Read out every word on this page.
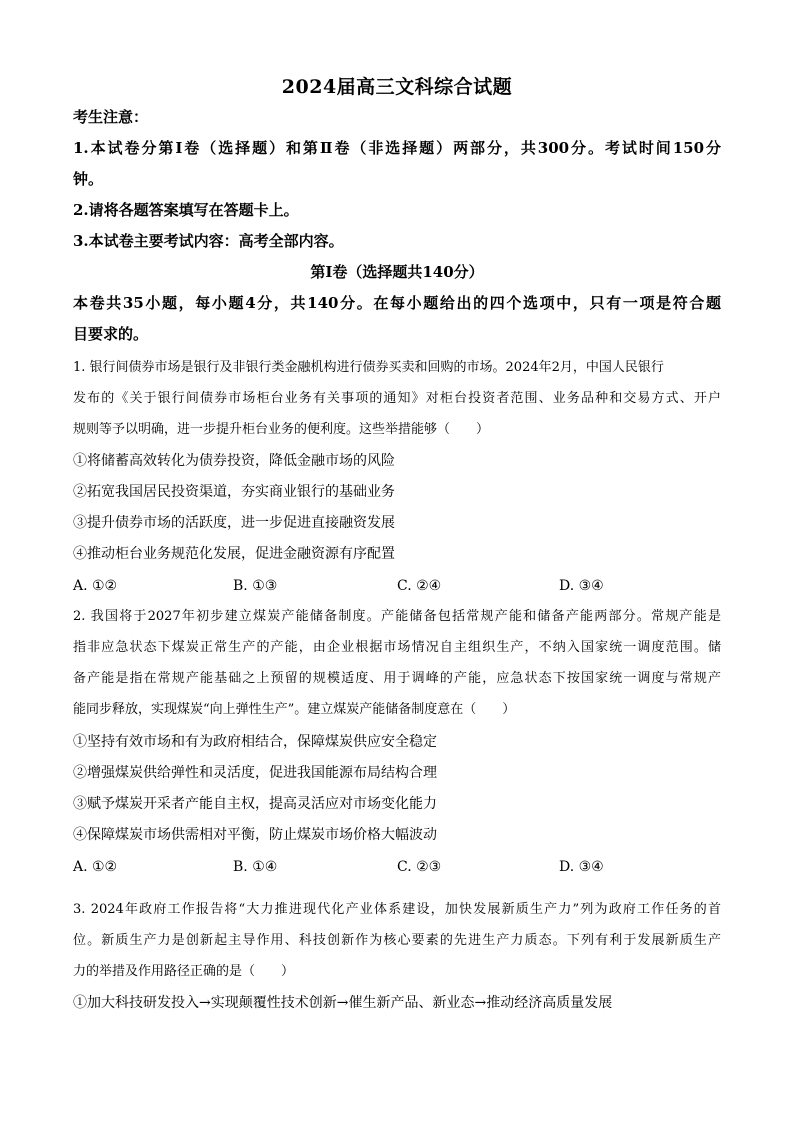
2024届高三文科综合试题
考生注意：
1.本试卷分第Ⅰ卷（选择题）和第Ⅱ卷（非选择题）两部分，共300分。考试时间150分
钟。
2.请将各题答案填写在答题卡上。
3.本试卷主要考试内容：高考全部内容。
第Ⅰ卷（选择题共140分）
本卷共35小题，每小题4分，共140分。在每小题给出的四个选项中，只有一项是符合题
目要求的。
1. 银行间债券市场是银行及非银行类金融机构进行债券买卖和回购的市场。2024年2月，中国人民银行
发布的《关于银行间债券市场柜台业务有关事项的通知》对柜台投资者范围、业务品种和交易方式、开户
规则等予以明确，进一步提升柜台业务的便利度。这些举措能够（　　）
①将储蓄高效转化为债券投资，降低金融市场的风险
②拓宽我国居民投资渠道，夯实商业银行的基础业务
③提升债券市场的活跃度，进一步促进直接融资发展
④推动柜台业务规范化发展，促进金融资源有序配置
A. ①②	B. ①③	C. ②④	D. ③④
2. 我国将于2027年初步建立煤炭产能储备制度。产能储备包括常规产能和储备产能两部分。常规产能是
指非应急状态下煤炭正常生产的产能，由企业根据市场情况自主组织生产，不纳入国家统一调度范围。储
备产能是指在常规产能基础之上预留的规模适度、用于调峰的产能，应急状态下按国家统一调度与常规产
能同步释放，实现煤炭“向上弹性生产”。建立煤炭产能储备制度意在（　　）
①坚持有效市场和有为政府相结合，保障煤炭供应安全稳定
②增强煤炭供给弹性和灵活度，促进我国能源布局结构合理
③赋予煤炭开采者产能自主权，提高灵活应对市场变化能力
④保障煤炭市场供需相对平衡，防止煤炭市场价格大幅波动
A. ①②	B. ①④	C. ②③	D. ③④
3. 2024年政府工作报告将“大力推进现代化产业体系建设，加快发展新质生产力”列为政府工作任务的首
位。新质生产力是创新起主导作用、科技创新作为核心要素的先进生产力质态。下列有利于发展新质生产
力的举措及作用路径正确的是（　　）
①加大科技研发投入→实现颠覆性技术创新→催生新产品、新业态→推动经济高质量发展
